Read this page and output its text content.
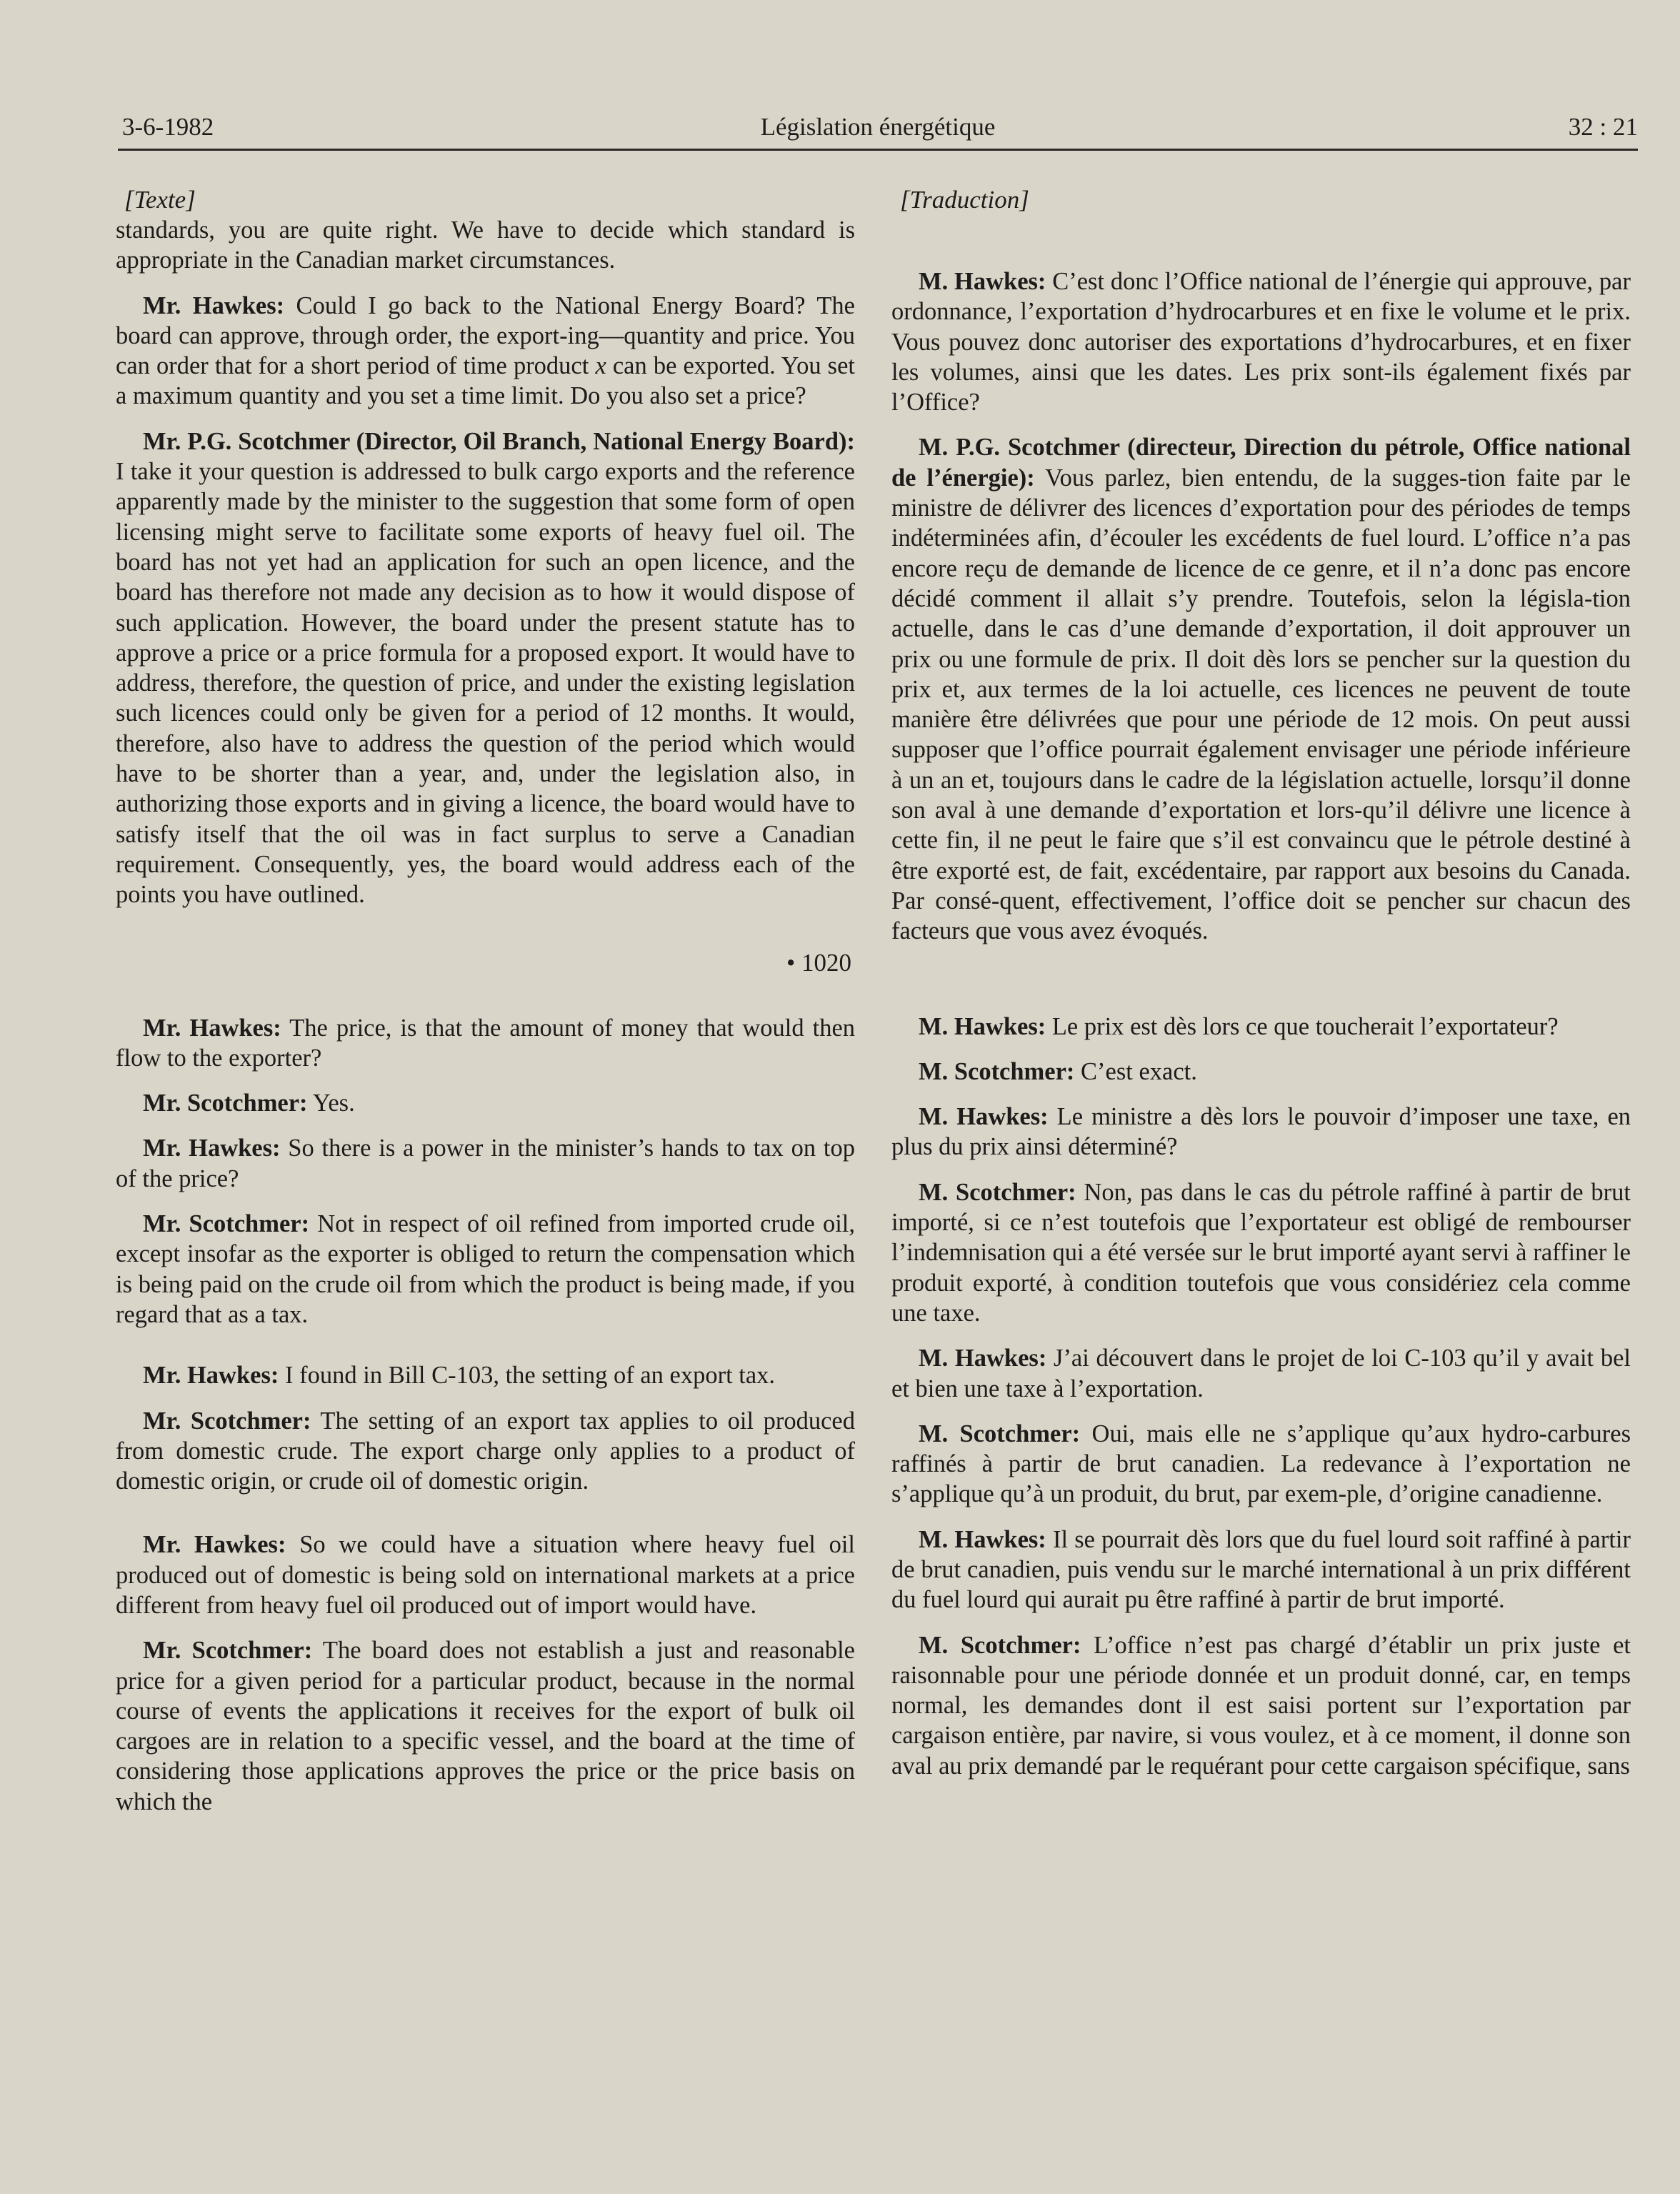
3-6-1982	Législation énergétique	32 : 21
[Texte]

standards, you are quite right. We have to decide which standard is appropriate in the Canadian market circumstances.

Mr. Hawkes: Could I go back to the National Energy Board? The board can approve, through order, the export-ing—quantity and price. You can order that for a short period of time product x can be exported. You set a maximum quantity and you set a time limit. Do you also set a price?

Mr. P.G. Scotchmer (Director, Oil Branch, National Energy Board): I take it your question is addressed to bulk cargo exports and the reference apparently made by the minister to the suggestion that some form of open licensing might serve to facilitate some exports of heavy fuel oil. The board has not yet had an application for such an open licence, and the board has therefore not made any decision as to how it would dispose of such application. However, the board under the present statute has to approve a price or a price formula for a proposed export. It would have to address, therefore, the question of price, and under the existing legislation such licences could only be given for a period of 12 months. It would, therefore, also have to address the question of the period which would have to be shorter than a year, and, under the legislation also, in authorizing those exports and in giving a licence, the board would have to satisfy itself that the oil was in fact surplus to serve a Canadian requirement. Consequently, yes, the board would address each of the points you have outlined.

• 1020

Mr. Hawkes: The price, is that the amount of money that would then flow to the exporter?

Mr. Scotchmer: Yes.

Mr. Hawkes: So there is a power in the minister’s hands to tax on top of the price?

Mr. Scotchmer: Not in respect of oil refined from imported crude oil, except insofar as the exporter is obliged to return the compensation which is being paid on the crude oil from which the product is being made, if you regard that as a tax.

Mr. Hawkes: I found in Bill C-103, the setting of an export tax.

Mr. Scotchmer: The setting of an export tax applies to oil produced from domestic crude. The export charge only applies to a product of domestic origin, or crude oil of domestic origin.

Mr. Hawkes: So we could have a situation where heavy fuel oil produced out of domestic is being sold on international markets at a price different from heavy fuel oil produced out of import would have.

Mr. Scotchmer: The board does not establish a just and reasonable price for a given period for a particular product, because in the normal course of events the applications it receives for the export of bulk oil cargoes are in relation to a specific vessel, and the board at the time of considering those applications approves the price or the price basis on which the

[Traduction]

M. Hawkes: C’est donc l’Office national de l’énergie qui approuve, par ordonnance, l’exportation d’hydrocarbures et en fixe le volume et le prix. Vous pouvez donc autoriser des exportations d’hydrocarbures, et en fixer les volumes, ainsi que les dates. Les prix sont-ils également fixés par l’Office?

M. P.G. Scotchmer (directeur, Direction du pétrole, Office national de l’énergie): Vous parlez, bien entendu, de la sugges-tion faite par le ministre de délivrer des licences d’exportation pour des périodes de temps indéterminées afin, d’écouler les excédents de fuel lourd. L’office n’a pas encore reçu de demande de licence de ce genre, et il n’a donc pas encore décidé comment il allait s’y prendre. Toutefois, selon la législa-tion actuelle, dans le cas d’une demande d’exportation, il doit approuver un prix ou une formule de prix. Il doit dès lors se pencher sur la question du prix et, aux termes de la loi actuelle, ces licences ne peuvent de toute manière être délivrées que pour une période de 12 mois. On peut aussi supposer que l’office pourrait également envisager une période inférieure à un an et, toujours dans le cadre de la législation actuelle, lorsqu’il donne son aval à une demande d’exportation et lors-qu’il délivre une licence à cette fin, il ne peut le faire que s’il est convaincu que le pétrole destiné à être exporté est, de fait, excédentaire, par rapport aux besoins du Canada. Par consé-quent, effectivement, l’office doit se pencher sur chacun des facteurs que vous avez évoqués.

M. Hawkes: Le prix est dès lors ce que toucherait l’exportateur?

M. Scotchmer: C’est exact.

M. Hawkes: Le ministre a dès lors le pouvoir d’imposer une taxe, en plus du prix ainsi déterminé?

M. Scotchmer: Non, pas dans le cas du pétrole raffiné à partir de brut importé, si ce n’est toutefois que l’exportateur est obligé de rembourser l’indemnisation qui a été versée sur le brut importé ayant servi à raffiner le produit exporté, à condition toutefois que vous considériez cela comme une taxe.

M. Hawkes: J’ai découvert dans le projet de loi C-103 qu’il y avait bel et bien une taxe à l’exportation.

M. Scotchmer: Oui, mais elle ne s’applique qu’aux hydro-carbures raffinés à partir de brut canadien. La redevance à l’exportation ne s’applique qu’à un produit, du brut, par exem-ple, d’origine canadienne.

M. Hawkes: Il se pourrait dès lors que du fuel lourd soit raffiné à partir de brut canadien, puis vendu sur le marché international à un prix différent du fuel lourd qui aurait pu être raffiné à partir de brut importé.

M. Scotchmer: L’office n’est pas chargé d’établir un prix juste et raisonnable pour une période donnée et un produit donné, car, en temps normal, les demandes dont il est saisi portent sur l’exportation par cargaison entière, par navire, si vous voulez, et à ce moment, il donne son aval au prix demandé par le requérant pour cette cargaison spécifique, sans
